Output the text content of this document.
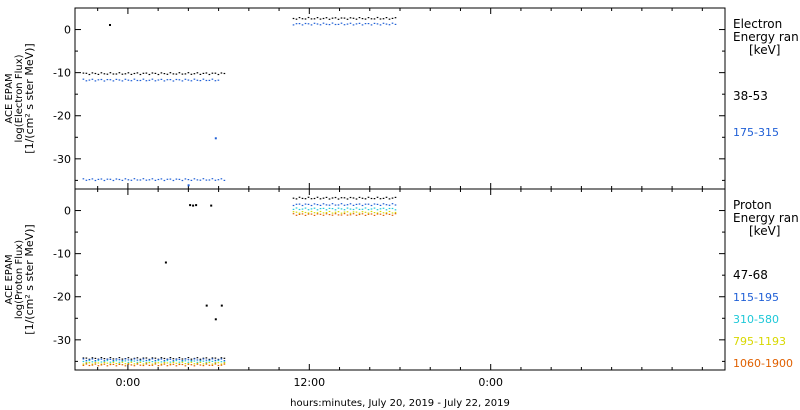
0
-10
-20
-30
ACE EPAM log(Electron Flux)
[1/(cm² s ster MeV)]
Electron
Energy ran
[keV]
38-53
175-315
0
-10
-20
-30
ACE EPAM log(Proton Flux)
[1/(cm² s ster MeV)]
Proton
Energy ran
[keV]
47-68
115-195
310-580
795-1193
1060-1900
0:00	12:00	0:00
hours:minutes, July 20, 2019 - July 22, 2019
